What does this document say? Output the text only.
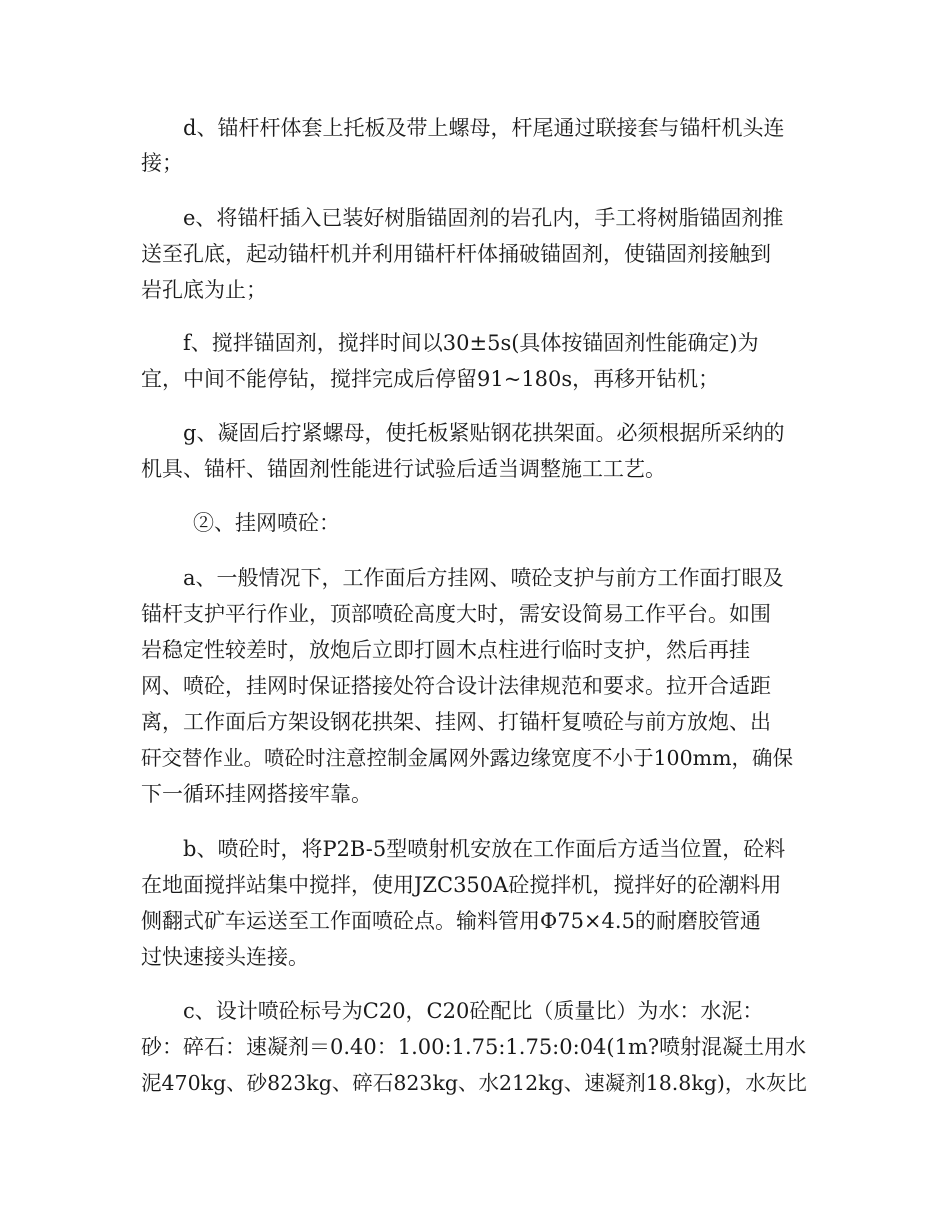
d、锚杆杆体套上托板及带上螺母，杆尾通过联接套与锚杆机头连

接；

e、将锚杆插入已装好树脂锚固剂的岩孔内，手工将树脂锚固剂推

送至孔底，起动锚杆机并利用锚杆杆体捅破锚固剂，使锚固剂接触到

岩孔底为止；

f、搅拌锚固剂，搅拌时间以30±5s(具体按锚固剂性能确定)为

宜，中间不能停钻，搅拌完成后停留91~180s，再移开钻机；

g、凝固后拧紧螺母，使托板紧贴钢花拱架面。必须根据所采纳的

机具、锚杆、锚固剂性能进行试验后适当调整施工工艺。

②、挂网喷砼：

a、一般情况下，工作面后方挂网、喷砼支护与前方工作面打眼及

锚杆支护平行作业，顶部喷砼高度大时，需安设简易工作平台。如围

岩稳定性较差时，放炮后立即打圆木点柱进行临时支护，然后再挂

网、喷砼，挂网时保证搭接处符合设计法律规范和要求。拉开合适距

离，工作面后方架设钢花拱架、挂网、打锚杆复喷砼与前方放炮、出

矸交替作业。喷砼时注意控制金属网外露边缘宽度不小于100mm，确保

下一循环挂网搭接牢靠。

b、喷砼时，将P2B-5型喷射机安放在工作面后方适当位置，砼料

在地面搅拌站集中搅拌，使用JZC350A砼搅拌机，搅拌好的砼潮料用

侧翻式矿车运送至工作面喷砼点。输料管用Φ75×4.5的耐磨胶管通

过快速接头连接。

c、设计喷砼标号为C20，C20砼配比（质量比）为水：水泥：

砂：碎石：速凝剂＝0.40：1.00:1.75:1.75:0:04(1m?喷射混凝土用水

泥470kg、砂823kg、碎石823kg、水212kg、速凝剂18.8kg)，水灰比
